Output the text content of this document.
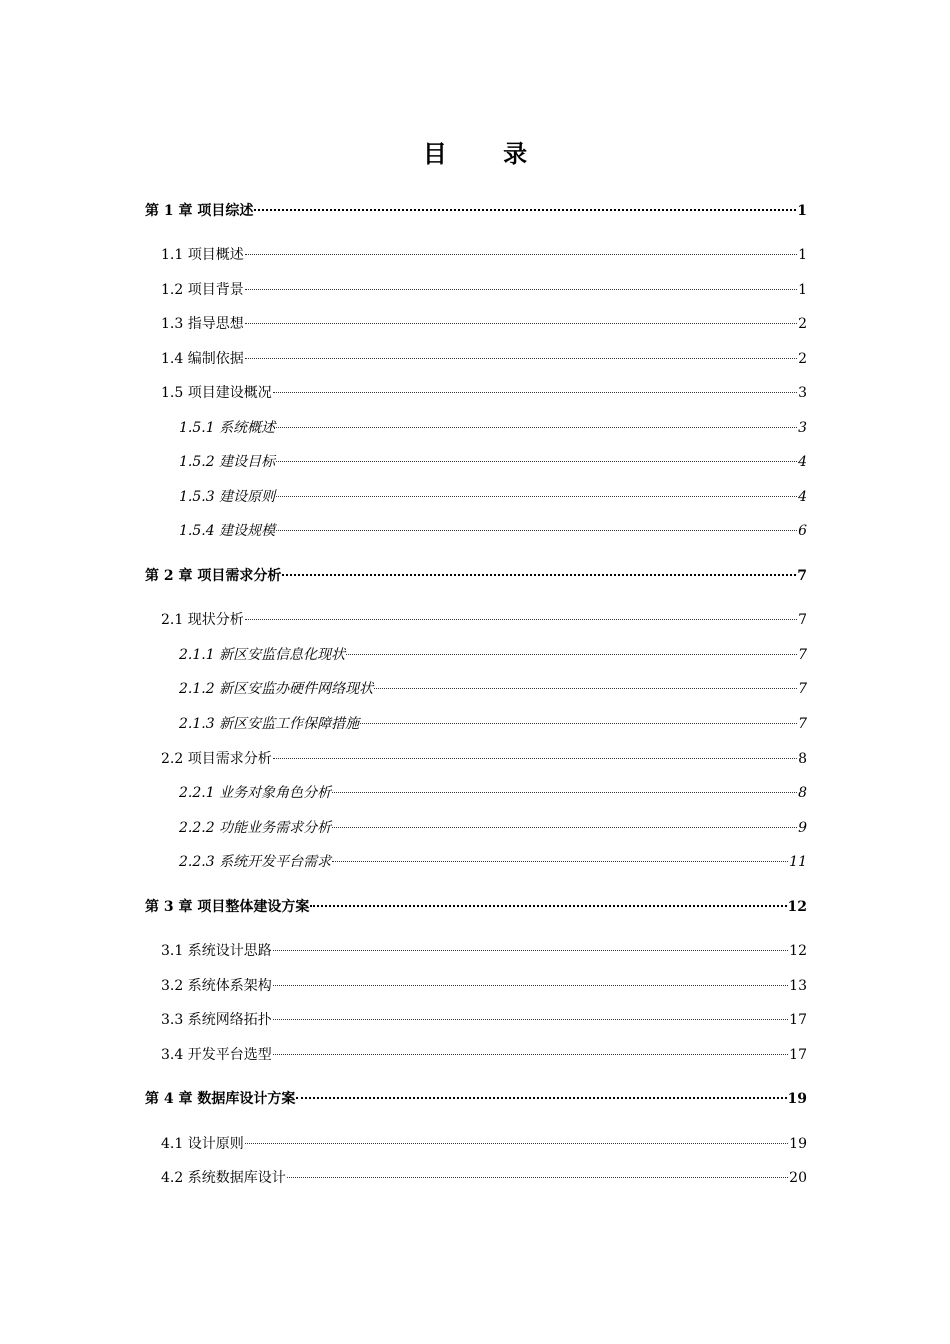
目 录
第 1 章 项目综述	1
1.1 项目概述	1
1.2 项目背景	1
1.3 指导思想	2
1.4 编制依据	2
1.5 项目建设概况	3
1.5.1 系统概述	3
1.5.2 建设目标	4
1.5.3 建设原则	4
1.5.4 建设规模	6
第 2 章 项目需求分析	7
2.1 现状分析	7
2.1.1 新区安监信息化现状	7
2.1.2 新区安监办硬件网络现状	7
2.1.3 新区安监工作保障措施	7
2.2 项目需求分析	8
2.2.1 业务对象角色分析	8
2.2.2 功能业务需求分析	9
2.2.3 系统开发平台需求	11
第 3 章 项目整体建设方案	12
3.1 系统设计思路	12
3.2 系统体系架构	13
3.3 系统网络拓扑	17
3.4 开发平台选型	17
第 4 章 数据库设计方案	19
4.1 设计原则	19
4.2 系统数据库设计	20
